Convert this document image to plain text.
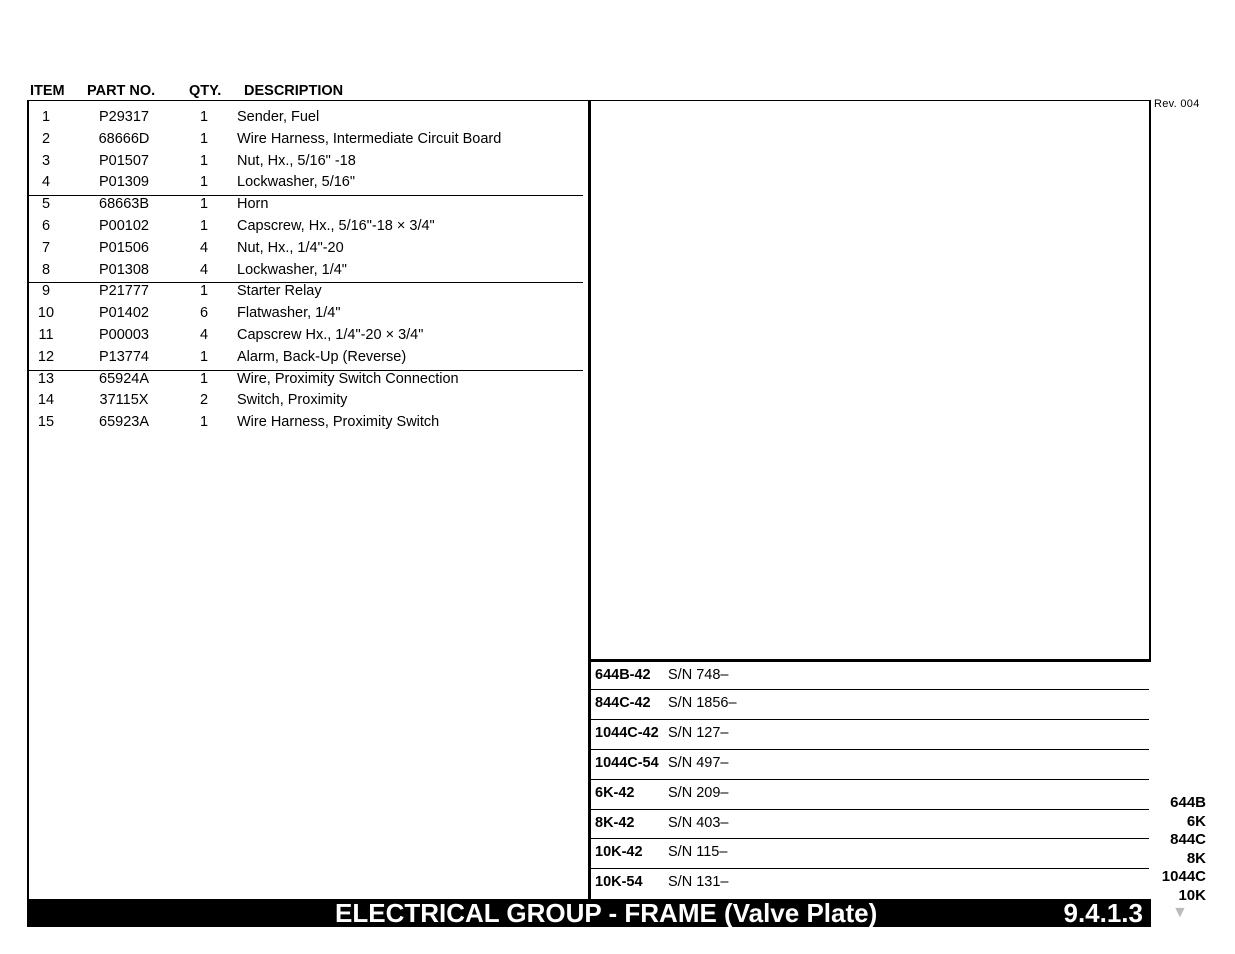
ITEM PART NO. QTY. DESCRIPTION
Rev. 004
1	P29317	1	Sender, Fuel
2	68666D	1	Wire Harness, Intermediate Circuit Board
3	P01507	1	Nut, Hx., 5/16" -18
4	P01309	1	Lockwasher, 5/16"
5	68663B	1	Horn
6	P00102	1	Capscrew, Hx., 5/16"-18 × 3/4"
7	P01506	4	Nut, Hx., 1/4"-20
8	P01308	4	Lockwasher, 1/4"
9	P21777	1	Starter Relay
10	P01402	6	Flatwasher, 1/4"
11	P00003	4	Capscrew Hx., 1/4"-20 × 3/4"
12	P13774	1	Alarm, Back-Up (Reverse)
13	65924A	1	Wire, Proximity Switch Connection
14	37115X	2	Switch, Proximity
15	65923A	1	Wire Harness, Proximity Switch
644B-42 S/N 748–
844C-42 S/N 1856–
1044C-42 S/N 127–
1044C-54 S/N 497–
6K-42 S/N 209–
8K-42 S/N 403–
10K-42 S/N 115–
10K-54 S/N 131–
644B
6K
844C
8K
1044C
10K
ELECTRICAL GROUP - FRAME (Valve Plate)	9.4.1.3 ▼
